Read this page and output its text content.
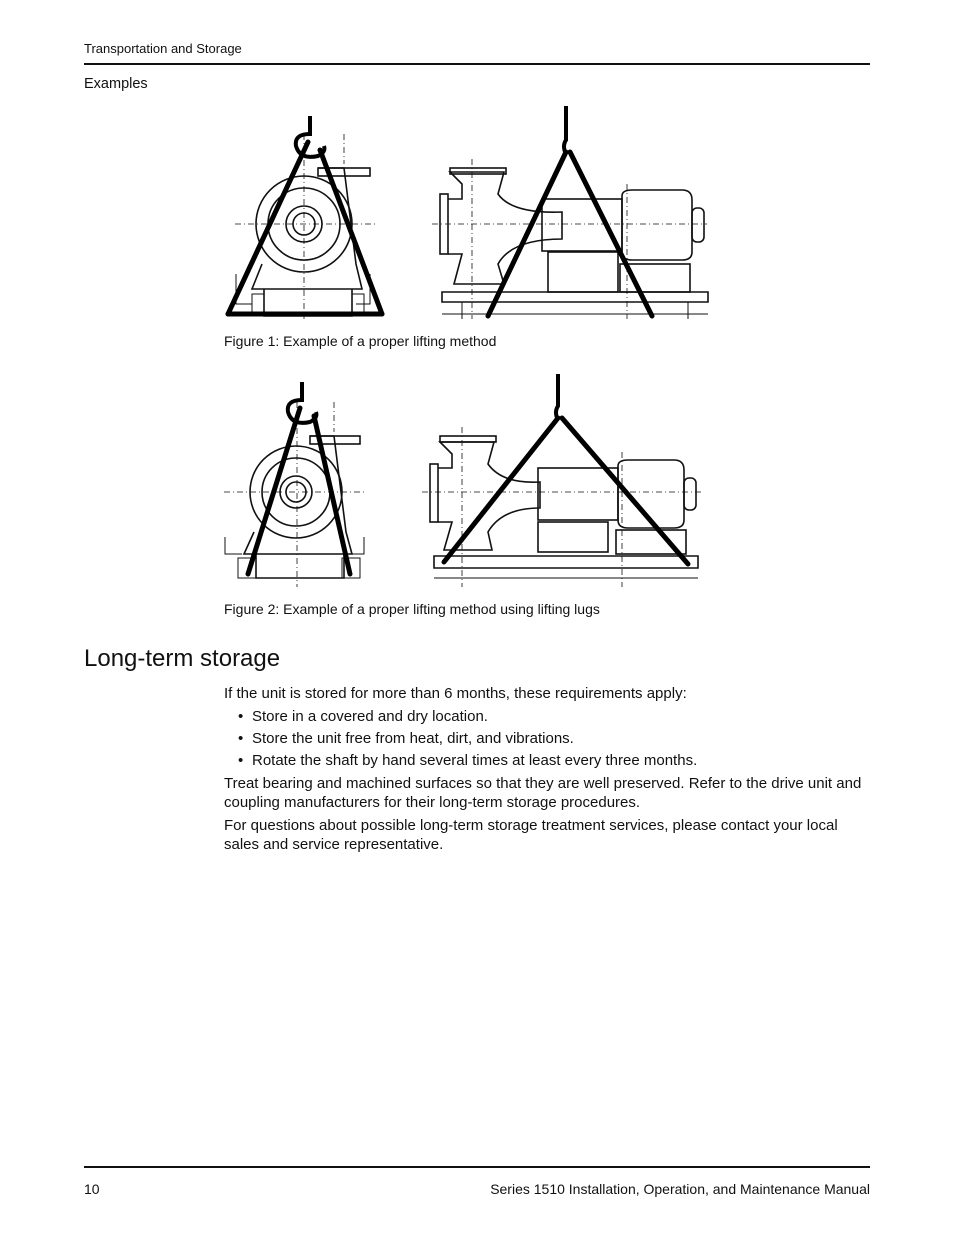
Transportation and Storage
Examples
Figure 1: Example of a proper lifting method
Figure 2: Example of a proper lifting method using lifting lugs
Long-term storage

If the unit is stored for more than 6 months, these requirements apply:

• Store in a covered and dry location.
• Store the unit free from heat, dirt, and vibrations.
• Rotate the shaft by hand several times at least every three months.

Treat bearing and machined surfaces so that they are well preserved. Refer to the drive unit and coupling manufacturers for their long-term storage procedures.

For questions about possible long-term storage treatment services, please contact your local sales and service representative.

10	Series 1510 Installation, Operation, and Maintenance Manual
